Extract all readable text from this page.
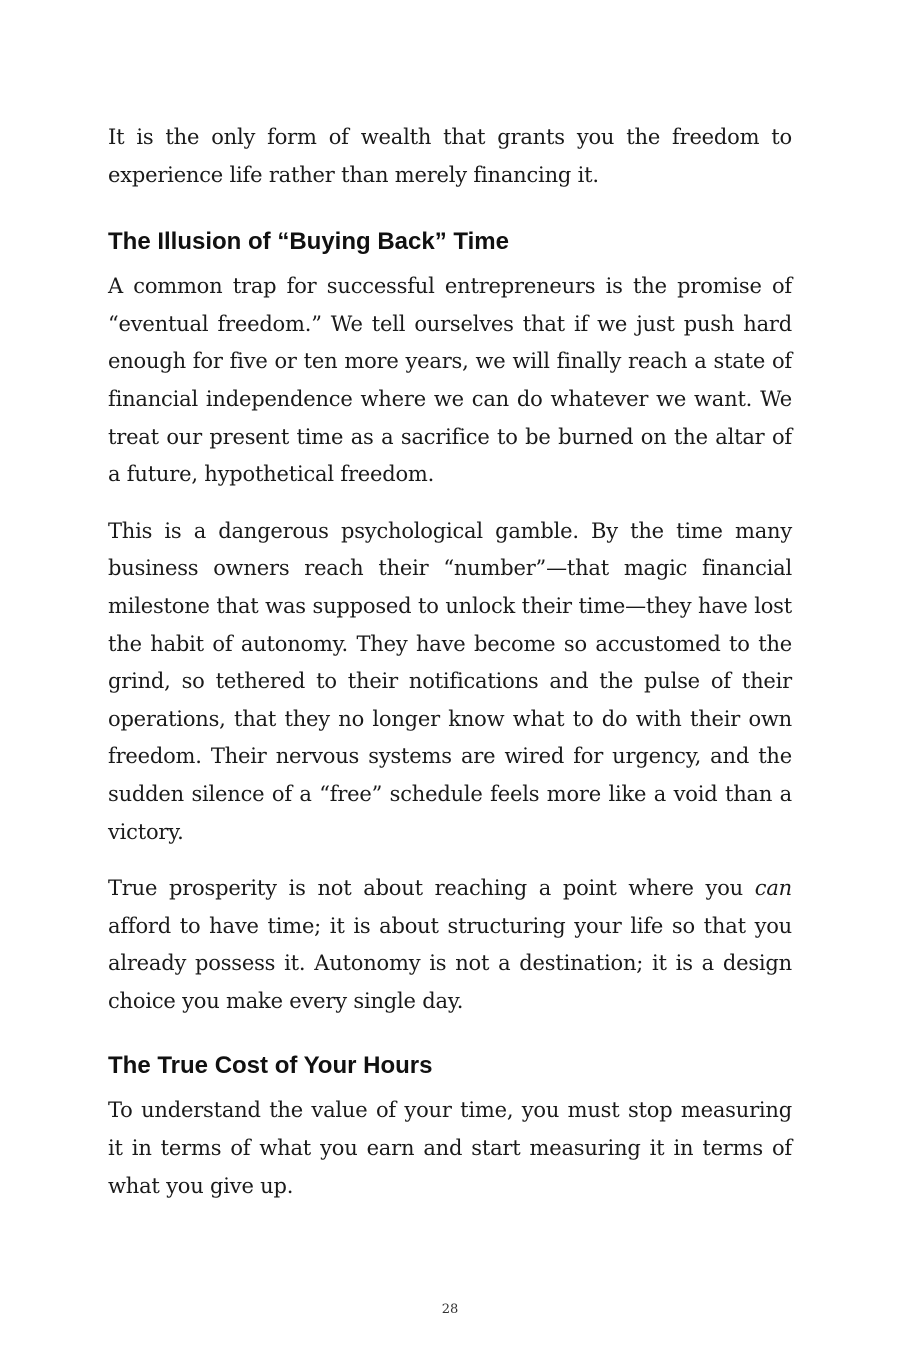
It is the only form of wealth that grants you the freedom to experience life rather than merely financing it.

The Illusion of “Buying Back” Time

A common trap for successful entrepreneurs is the promise of “eventual freedom.” We tell ourselves that if we just push hard enough for five or ten more years, we will finally reach a state of financial independence where we can do whatever we want. We treat our present time as a sacrifice to be burned on the altar of a future, hypothetical freedom.

This is a dangerous psychological gamble. By the time many business owners reach their “number”—that magic financial milestone that was supposed to unlock their time—they have lost the habit of autonomy. They have become so accustomed to the grind, so tethered to their notifications and the pulse of their operations, that they no longer know what to do with their own freedom. Their nervous systems are wired for urgency, and the sudden silence of a “free” schedule feels more like a void than a victory.

True prosperity is not about reaching a point where you can afford to have time; it is about structuring your life so that you already possess it. Autonomy is not a destination; it is a design choice you make every single day.

The True Cost of Your Hours

To understand the value of your time, you must stop measuring it in terms of what you earn and start measuring it in terms of what you give up.

28
